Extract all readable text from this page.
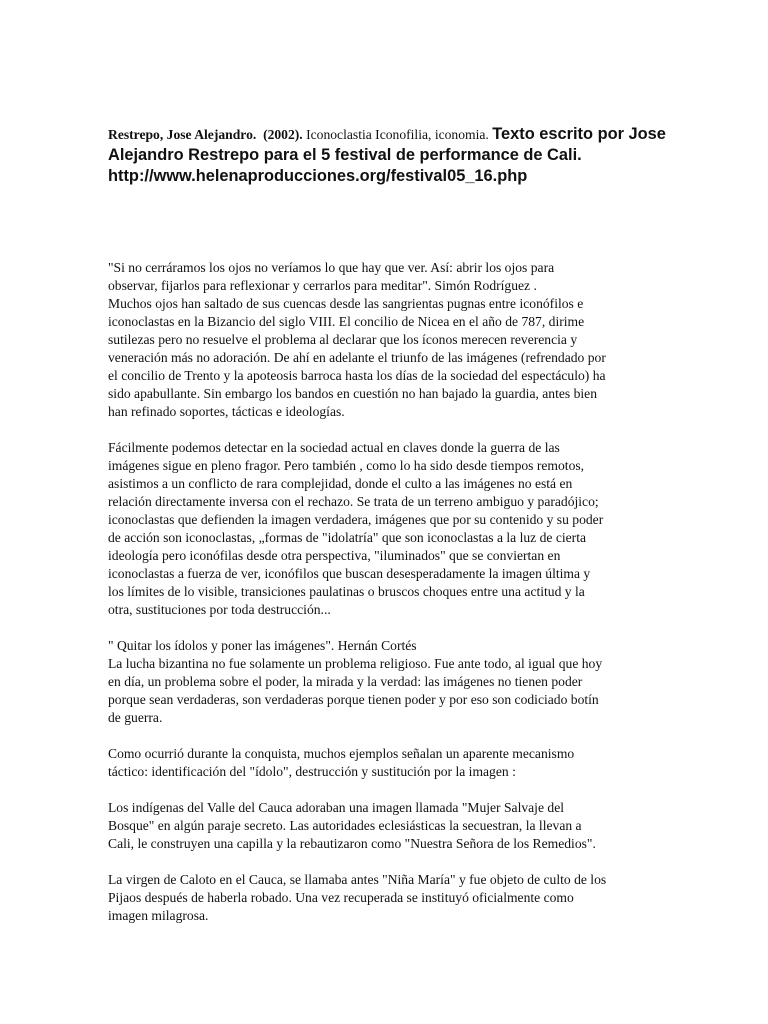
Restrepo, Jose Alejandro. (2002). Iconoclastia Iconofilia, iconomia. Texto escrito por Jose Alejandro Restrepo para el 5 festival de performance de Cali. http://www.helenaproducciones.org/festival05_16.php

"Si no cerráramos los ojos no veríamos lo que hay que ver. Así: abrir los ojos para
observar, fijarlos para reflexionar y cerrarlos para meditar". Simón Rodríguez .
Muchos ojos han saltado de sus cuencas desde las sangrientas pugnas entre iconófilos e
iconoclastas en la Bizancio del siglo VIII. El concilio de Nicea en el año de 787, dirime
sutilezas pero no resuelve el problema al declarar que los íconos merecen reverencia y
veneración más no adoración. De ahí en adelante el triunfo de las imágenes (refrendado por
el concilio de Trento y la apoteosis barroca hasta los días de la sociedad del espectáculo) ha
sido apabullante. Sin embargo los bandos en cuestión no han bajado la guardia, antes bien
han refinado soportes, tácticas e ideologías.

Fácilmente podemos detectar en la sociedad actual en claves donde la guerra de las
imágenes sigue en pleno fragor. Pero también , como lo ha sido desde tiempos remotos,
asistimos a un conflicto de rara complejidad, donde el culto a las imágenes no está en
relación directamente inversa con el rechazo. Se trata de un terreno ambiguo y paradójico;
iconoclastas que defienden la imagen verdadera, imágenes que por su contenido y su poder
de acción son iconoclastas, „formas de "idolatría" que son iconoclastas a la luz de cierta
ideología pero iconófilas desde otra perspectiva, "iluminados" que se conviertan en
iconoclastas a fuerza de ver, iconófilos que buscan desesperadamente la imagen última y
los límites de lo visible, transiciones paulatinas o bruscos choques entre una actitud y la
otra, sustituciones por toda destrucción...

" Quitar los ídolos y poner las imágenes". Hernán Cortés
La lucha bizantina no fue solamente un problema religioso. Fue ante todo, al igual que hoy
en día, un problema sobre el poder, la mirada y la verdad: las imágenes no tienen poder
porque sean verdaderas, son verdaderas porque tienen poder y por eso son codiciado botín
de guerra.

Como ocurrió durante la conquista, muchos ejemplos señalan un aparente mecanismo
táctico: identificación del "ídolo", destrucción y sustitución por la imagen :

Los indígenas del Valle del Cauca adoraban una imagen llamada "Mujer Salvaje del
Bosque" en algún paraje secreto. Las autoridades eclesiásticas la secuestran, la llevan a
Cali, le construyen una capilla y la rebautizaron como "Nuestra Señora de los Remedios".

La virgen de Caloto en el Cauca, se llamaba antes "Niña María" y fue objeto de culto de los
Pijaos después de haberla robado. Una vez recuperada se instituyó oficialmente como
imagen milagrosa.
